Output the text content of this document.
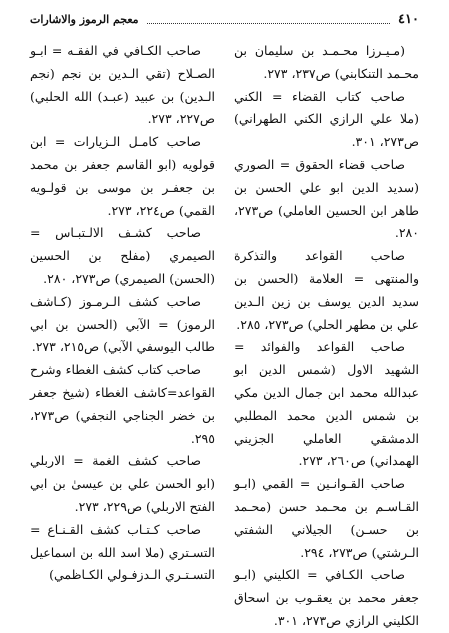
٤١٠
معجم الرموز والاشارات

(مـيـرزا محـمـد بن سليمان بن محـمد التنكابني) ص٢٣٧، ٢٧٣.

صاحب كتاب القضاء = الكني (ملا علي الرازي الكني الطهراني) ص٢٧٣، ٣٠١.

صاحب قضاء الحقوق = الصوري (سديد الدين ابو علي الحسن بن طاهر ابن الحسين العاملي) ص٢٧٣، ٢٨٠.

صاحب القواعد والتذكرة والمنتهى = العلامة (الحسن بن سديد الدين يوسف بن زين الـدين علي بن مطهر الحلي) ص٢٧٣، ٢٨٥.

صاحب القواعد والفوائد = الشهيد الاول (شمس الدين ابو عبدالله محمد ابن جمال الدين مكي بن شمس الدين محمد المطلبي الدمشقي العاملي الجزيني الهمداني) ص٢٦٠، ٢٧٣.

صاحب القـوانـين = القمي (ابـو القـاسـم بن محـمد حسن (محـمد بن حسـن) الجيلاني الشفتي الـرشتي) ص٢٧٣، ٢٩٤.

صاحب الكـافي = الكليني (ابـو جعفر محمد بن يعقـوب بن اسحاق الكليني الرازي ص٢٧٣، ٣٠١.

صاحب الكـافي في الفقـه = ابـو الصـلاح (تقي الـدين بن نجم (نجم الـدين) بن عبيد (عبـد) الله الحلبي) ص٢٢٧، ٢٧٣.

صاحب كامـل الـزيارات = ابن قولويه (ابو القاسم جعفر بن محمد بن جعفـر بن موسى بن قولـويه القمي) ص٢٢٤، ٢٧٣.

صاحب كشـف الالـتبـاس = الصيمري (مفلح بن الحسين (الحسن) الصيمري) ص٢٧٣، ٢٨٠.

صاحب كشف الـرمـوز (كـاشف الرموز) = الآبي (الحسن بن ابي طالب اليوسفي الآبي) ص٢١٥، ٢٧٣.

صاحب كتاب كشف الغطاء وشرح القواعد=كاشف الغطاء (شيخ جعفر بن خضر الجناجي النجفي) ص٢٧٣، ٢٩٥.

صاحب كشف الغمة = الاربلي (ابو الحسن علي بن عيسىٰ بن ابي الفتح الاربلي) ص٢٢٩، ٢٧٣.

صاحب كـتـاب كشف القـنـاع = التسـتري (ملا اسد الله بن اسماعيل التسـتـري الـدزفـولي الكـاظمي)
